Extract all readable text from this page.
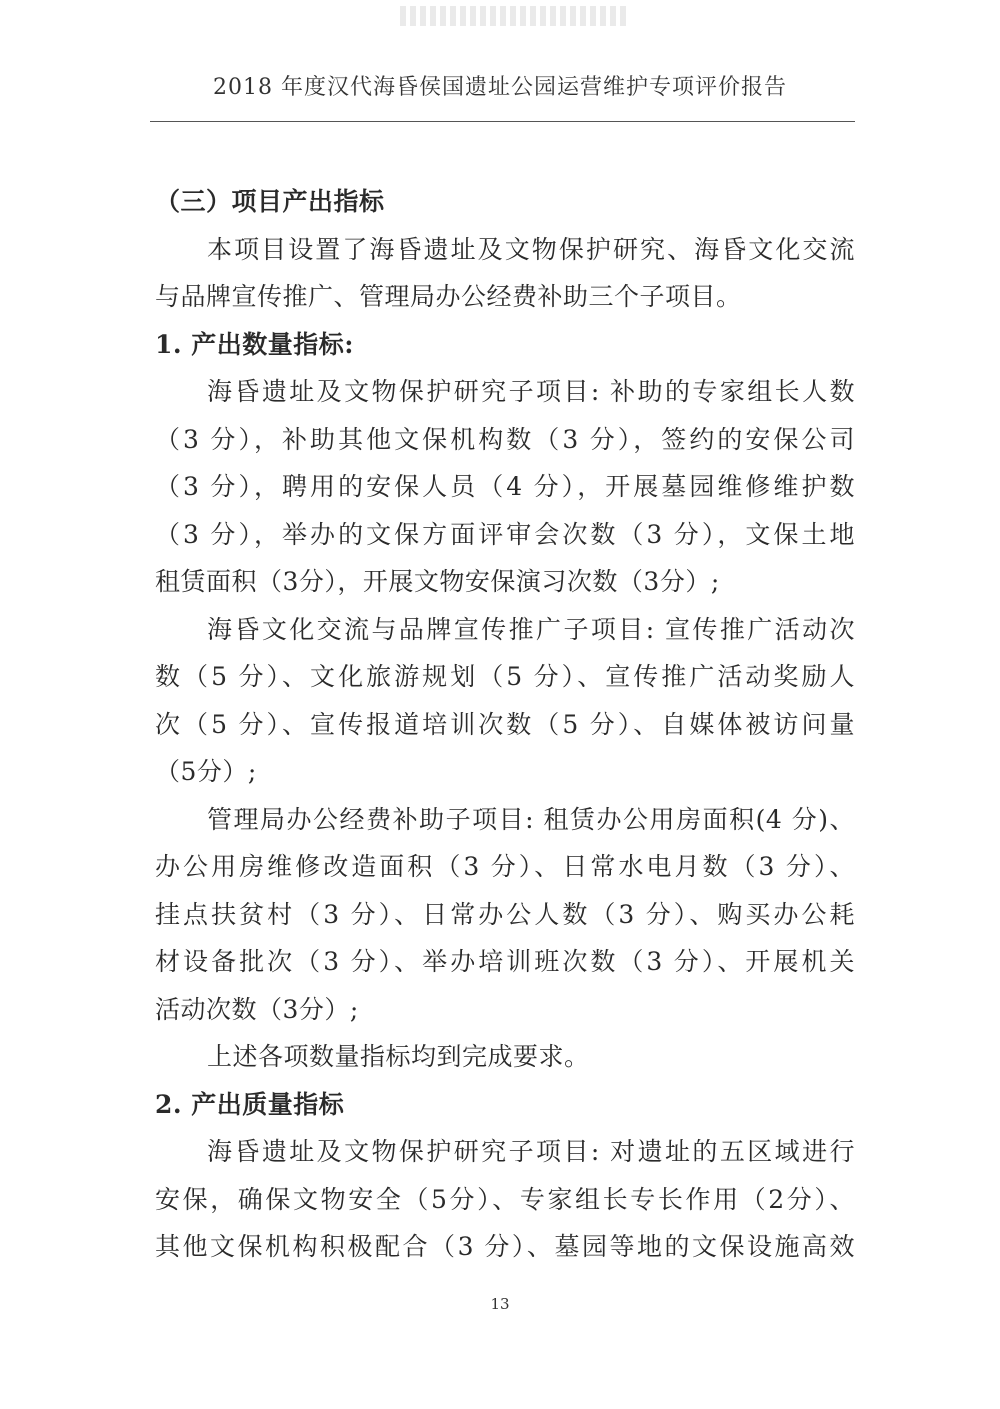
2018 年度汉代海昏侯国遗址公园运营维护专项评价报告
（三）项目产出指标
本项目设置了海昏遗址及文物保护研究、海昏文化交流
与品牌宣传推广、管理局办公经费补助三个子项目。
1. 产出数量指标:
海昏遗址及文物保护研究子项目: 补助的专家组长人数
（3 分），补助其他文保机构数（3 分），签约的安保公司
（3 分），聘用的安保人员（4 分），开展墓园维修维护数
（3 分），举办的文保方面评审会次数（3 分），文保土地
租赁面积（3分），开展文物安保演习次数（3分）;
海昏文化交流与品牌宣传推广子项目: 宣传推广活动次
数（5 分）、文化旅游规划（5 分）、宣传推广活动奖励人
次（5 分）、宣传报道培训次数（5 分）、自媒体被访问量
（5分）;
管理局办公经费补助子项目: 租赁办公用房面积(4 分)、
办公用房维修改造面积（3 分）、日常水电月数（3 分）、
挂点扶贫村（3 分）、日常办公人数（3 分）、购买办公耗
材设备批次（3 分）、举办培训班次数（3 分）、开展机关
活动次数（3分）;
上述各项数量指标均到完成要求。
2. 产出质量指标
海昏遗址及文物保护研究子项目: 对遗址的五区域进行
安保，确保文物安全（5分）、专家组长专长作用（2分）、
其他文保机构积极配合（3 分）、墓园等地的文保设施高效
13
